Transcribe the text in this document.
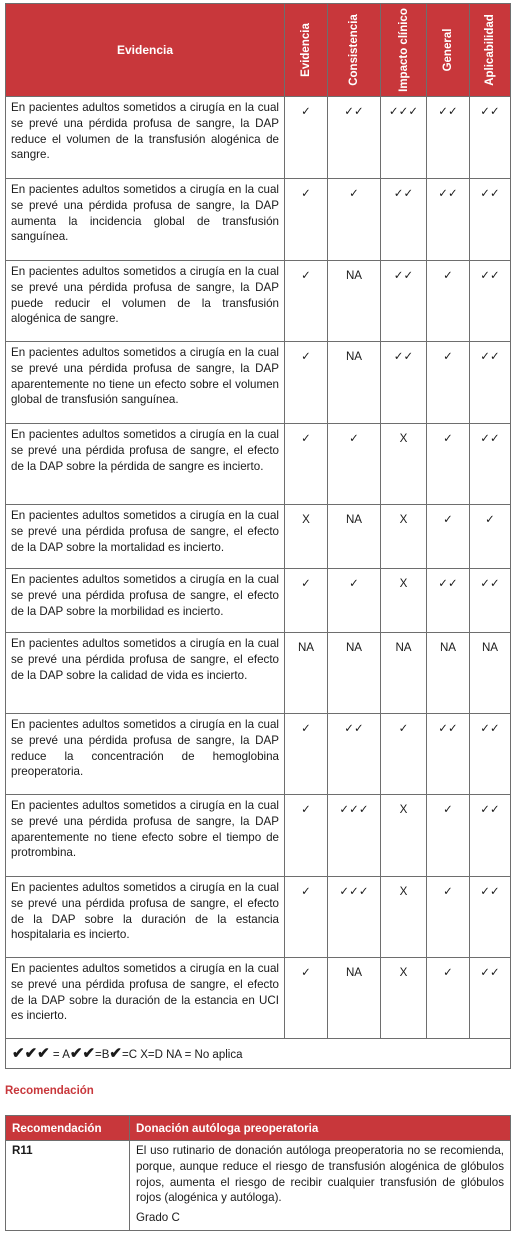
Evidencia	Evidencia	Consistencia	Impacto clínico	General	Aplicabilidad

En pacientes adultos sometidos a cirugía en la cual se prevé una pérdida profusa de sangre, la DAP reduce el volumen de la transfusión alogénica de sangre.	✓	✓✓	✓✓✓	✓✓	✓✓
En pacientes adultos sometidos a cirugía en la cual se prevé una pérdida profusa de sangre, la DAP aumenta la incidencia global de transfusión sanguínea.	✓	✓	✓✓	✓✓	✓✓
En pacientes adultos sometidos a cirugía en la cual se prevé una pérdida profusa de sangre, la DAP puede reducir el volumen de la transfusión alogénica de sangre.	✓	NA	✓✓	✓	✓✓
En pacientes adultos sometidos a cirugía en la cual se prevé una pérdida profusa de sangre, la DAP aparentemente no tiene un efecto sobre el volumen global de transfusión sanguínea.	✓	NA	✓✓	✓	✓✓
En pacientes adultos sometidos a cirugía en la cual se prevé una pérdida profusa de sangre, el efecto de la DAP sobre la pérdida de sangre es incierto.	✓	✓	X	✓	✓✓
En pacientes adultos sometidos a cirugía en la cual se prevé una pérdida profusa de sangre, el efecto de la DAP sobre la mortalidad es incierto.	X	NA	X	✓	✓
En pacientes adultos sometidos a cirugía en la cual se prevé una pérdida profusa de sangre, el efecto de la DAP sobre la morbilidad es incierto.	✓	✓	X	✓✓	✓✓
En pacientes adultos sometidos a cirugía en la cual se prevé una pérdida profusa de sangre, el efecto de la DAP sobre la calidad de vida es incierto.	NA	NA	NA	NA	NA
En pacientes adultos sometidos a cirugía en la cual se prevé una pérdida profusa de sangre, la DAP reduce la concentración de hemoglobina preoperatoria.	✓	✓✓	✓	✓✓	✓✓
En pacientes adultos sometidos a cirugía en la cual se prevé una pérdida profusa de sangre, la DAP aparentemente no tiene efecto sobre el tiempo de protrombina.	✓	✓✓✓	X	✓	✓✓
En pacientes adultos sometidos a cirugía en la cual se prevé una pérdida profusa de sangre, el efecto de la DAP sobre la duración de la estancia hospitalaria es incierto.	✓	✓✓✓	X	✓	✓✓
En pacientes adultos sometidos a cirugía en la cual se prevé una pérdida profusa de sangre, el efecto de la DAP sobre la duración de la estancia en UCI es incierto.	✓	NA	X	✓	✓✓
✔✔✔ = A✔✔=B✔=C X=D NA = No aplica					
Recomendación
Recomendación	Donación autóloga preoperatoria
R11	El uso rutinario de donación autóloga preoperatoria no se recomienda, porque, aunque reduce el riesgo de transfusión alogénica de glóbulos rojos, aumenta el riesgo de recibir cualquier transfusión de glóbulos rojos (alogénica y autóloga).
Grado C
